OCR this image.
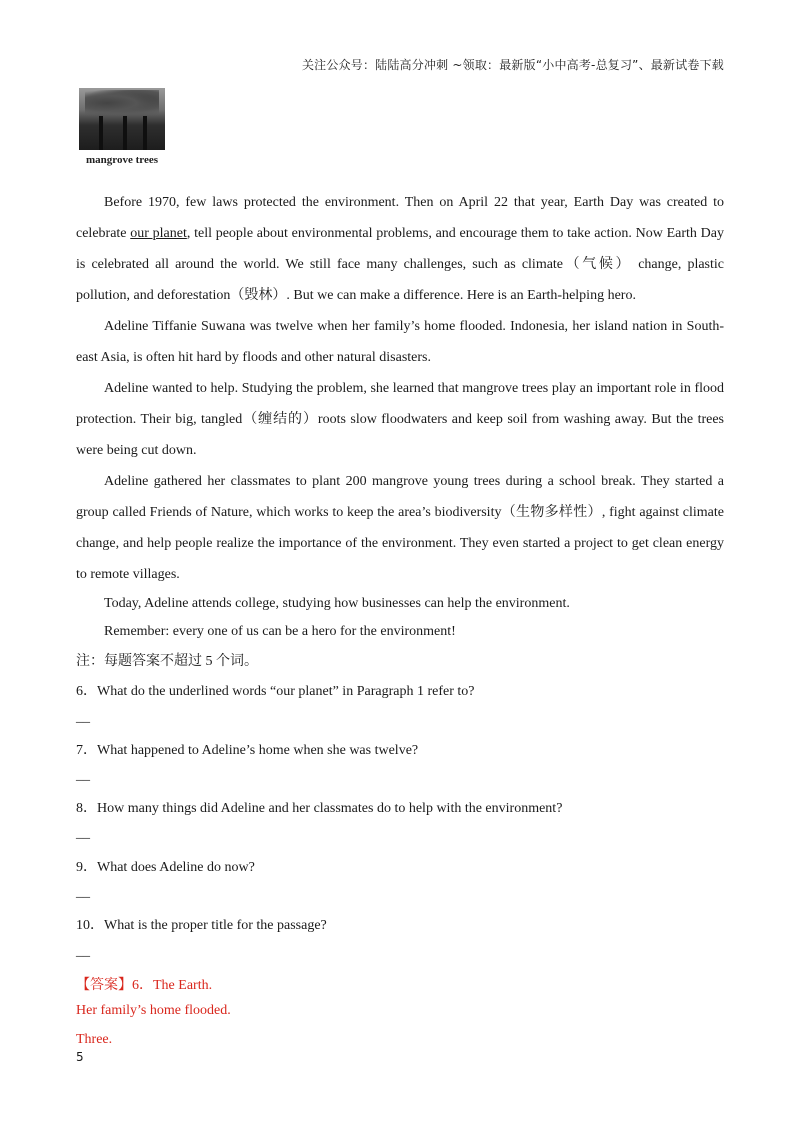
关注公众号：陆陆高分冲刺 ~领取：最新版“小中高考-总复习”、最新试卷下载
mangrove trees

Before 1970, few laws protected the environment. Then on April 22 that year, Earth Day was created to celebrate our planet, tell people about environmental problems, and encourage them to take action. Now Earth Day is celebrated all around the world. We still face many challenges, such as climate（气候） change, plastic pollution, and deforestation（毁林）. But we can make a difference. Here is an Earth-helping hero.

Adeline Tiffanie Suwana was twelve when her family’s home flooded. Indonesia, her island nation in South-east Asia, is often hit hard by floods and other natural disasters.

Adeline wanted to help. Studying the problem, she learned that mangrove trees play an important role in flood protection. Their big, tangled（缠结的）roots slow floodwaters and keep soil from washing away. But the trees were being cut down.

Adeline gathered her classmates to plant 200 mangrove young trees during a school break. They started a group called Friends of Nature, which works to keep the area’s biodiversity（生物多样性）, fight against climate change, and help people realize the importance of the environment. They even started a project to get clean energy to remote villages.

Today, Adeline attends college, studying how businesses can help the environment.

Remember: every one of us can be a hero for the environment!

注：每题答案不超过 5 个词。
6．What do the underlined words “our planet” in Paragraph 1 refer to?
__
7．What happened to Adeline’s home when she was twelve?
__
8．How many things did Adeline and her classmates do to help with the environment?
__
9．What does Adeline do now?
__
10．What is the proper title for the passage?
__
【答案】6．The Earth.
Her family’s home flooded.
Three.
5
